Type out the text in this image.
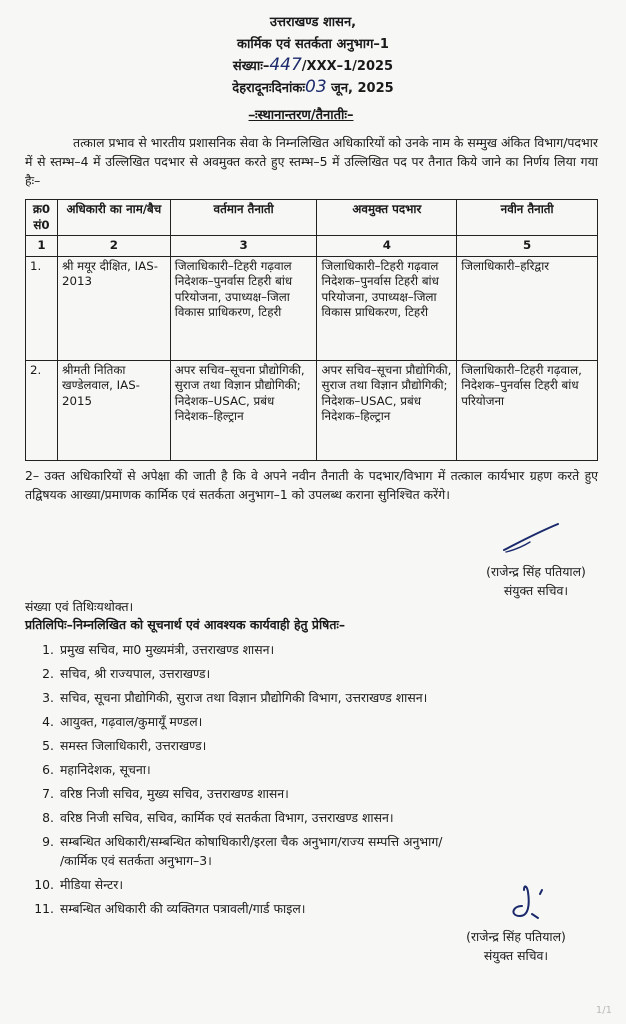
उत्तराखण्ड शासन,
कार्मिक एवं सतर्कता अनुभाग–1
संख्याः–447/XXX–1/2025
देहरादूनःदिनांकः03 जून, 2025
–ःस्थानान्तरण/तैनातीः–
तत्काल प्रभाव से भारतीय प्रशासनिक सेवा के निम्नलिखित अधिकारियों को उनके नाम के सम्मुख अंकित विभाग/पदभार में से स्तम्भ–4 में उल्लिखित पदभार से अवमुक्त करते हुए स्तम्भ–5 में उल्लिखित पद पर तैनात किये जाने का निर्णय लिया गया हैः–
क्र0 सं0	अधिकारी का नाम/बैच	वर्तमान तैनाती	अवमुक्त पदभार	नवीन तैनाती
1	2	3	4	5
1.	श्री मयूर दीक्षित, IAS-2013	जिलाधिकारी–टिहरी गढ़वाल निदेशक–पुनर्वास टिहरी बांध परियोजना, उपाध्यक्ष–जिला विकास प्राधिकरण, टिहरी	जिलाधिकारी–टिहरी गढ़वाल निदेशक–पुनर्वास टिहरी बांध परियोजना, उपाध्यक्ष–जिला विकास प्राधिकरण, टिहरी	जिलाधिकारी–हरिद्वार
2.	श्रीमती नितिका खण्डेलवाल, IAS-2015	अपर सचिव–सूचना प्रौद्योगिकी, सुराज तथा विज्ञान प्रौद्योगिकी; निदेशक–USAC, प्रबंध निदेशक–हिल्ट्रान	अपर सचिव–सूचना प्रौद्योगिकी, सुराज तथा विज्ञान प्रौद्योगिकी; निदेशक–USAC, प्रबंध निदेशक–हिल्ट्रान	जिलाधिकारी–टिहरी गढ़वाल, निदेशक–पुनर्वास टिहरी बांध परियोजना
2– उक्त अधिकारियों से अपेक्षा की जाती है कि वे अपने नवीन तैनाती के पदभार/विभाग में तत्काल कार्यभार ग्रहण करते हुए तद्विषयक आख्या/प्रमाणक कार्मिक एवं सतर्कता अनुभाग–1 को उपलब्ध कराना सुनिश्चित करेंगे।
(राजेन्द्र सिंह पतियाल)
संयुक्त सचिव।
संख्या एवं तिथिःयथोक्त।
प्रतिलिपिः–निम्नलिखित को सूचनार्थ एवं आवश्यक कार्यवाही हेतु प्रेषितः–
1. प्रमुख सचिव, मा0 मुख्यमंत्री, उत्तराखण्ड शासन।
2. सचिव, श्री राज्यपाल, उत्तराखण्ड।
3. सचिव, सूचना प्रौद्योगिकी, सुराज तथा विज्ञान प्रौद्योगिकी विभाग, उत्तराखण्ड शासन।
4. आयुक्त, गढ़वाल/कुमायूँ मण्डल।
5. समस्त जिलाधिकारी, उत्तराखण्ड।
6. महानिदेशक, सूचना।
7. वरिष्ठ निजी सचिव, मुख्य सचिव, उत्तराखण्ड शासन।
8. वरिष्ठ निजी सचिव, सचिव, कार्मिक एवं सतर्कता विभाग, उत्तराखण्ड शासन।
9. सम्बन्धित अधिकारी/सम्बन्धित कोषाधिकारी/इरला चैक अनुभाग/राज्य सम्पत्ति अनुभाग/
/कार्मिक एवं सतर्कता अनुभाग–3।
10. मीडिया सेन्टर।
11. सम्बन्धित अधिकारी की व्यक्तिगत पत्रावली/गार्ड फाइल।
(राजेन्द्र सिंह पतियाल)
संयुक्त सचिव।
1/1
